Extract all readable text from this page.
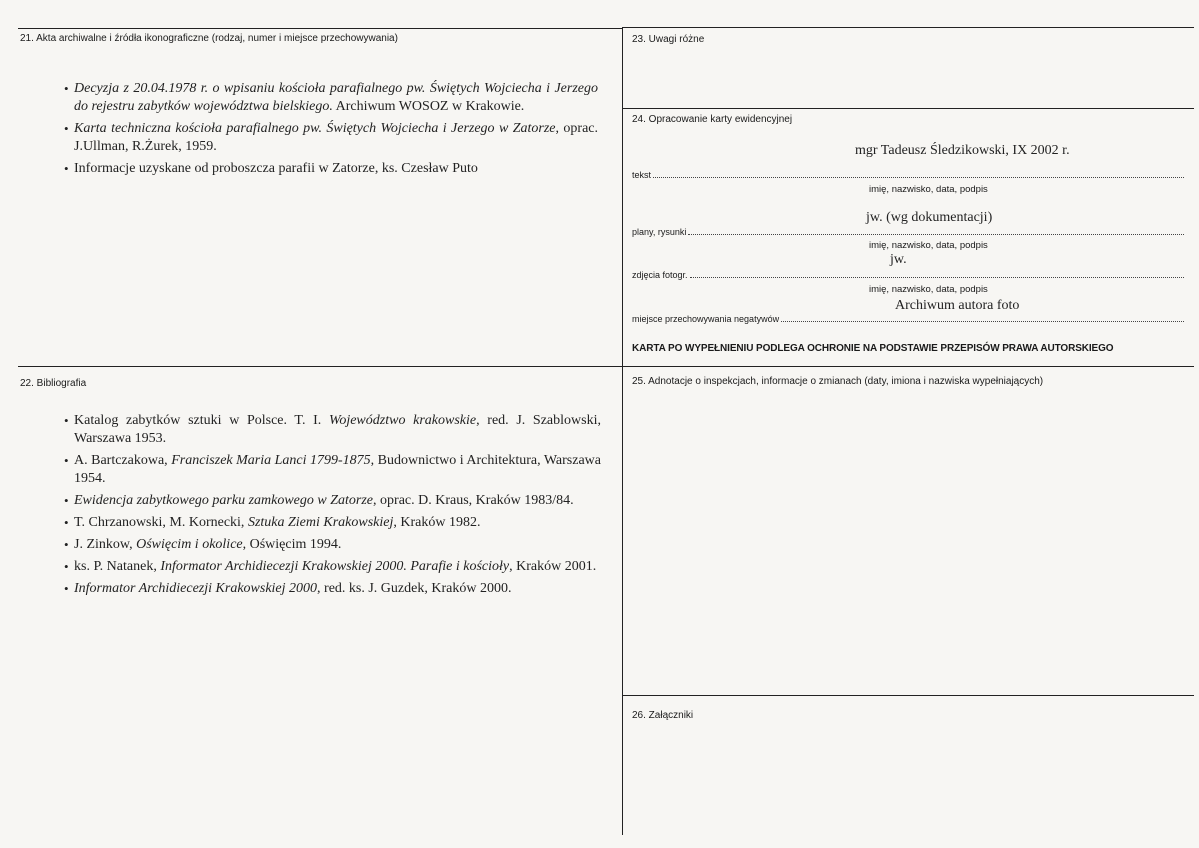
21. Akta archiwalne i źródła ikonograficzne (rodzaj, numer i miejsce przechowywania)
• Decyzja z 20.04.1978 r. o wpisaniu kościoła parafialnego pw. Świętych Wojciecha i Jerzego do rejestru zabytków województwa bielskiego. Archiwum WOSOZ w Krakowie.
• Karta techniczna kościoła parafialnego pw. Świętych Wojciecha i Jerzego w Zatorze, oprac. J.Ullman, R.Żurek, 1959.
• Informacje uzyskane od proboszcza parafii w Zatorze, ks. Czesław Puto
22. Bibliografia
• Katalog zabytków sztuki w Polsce. T. I. Województwo krakowskie, red. J. Szablowski, Warszawa 1953.
• A. Bartczakowa, Franciszek Maria Lanci 1799-1875, Budownictwo i Architektura, Warszawa 1954.
• Ewidencja zabytkowego parku zamkowego w Zatorze, oprac. D. Kraus, Kraków 1983/84.
• T. Chrzanowski, M. Kornecki, Sztuka Ziemi Krakowskiej, Kraków 1982.
• J. Zinkow, Oświęcim i okolice, Oświęcim 1994.
• ks. P. Natanek, Informator Archidiecezji Krakowskiej 2000. Parafie i kościoły, Kraków 2001.
• Informator Archidiecezji Krakowskiej 2000, red. ks. J. Guzdek, Kraków 2000.
23. Uwagi różne
24. Opracowanie karty ewidencyjnej
mgr Tadeusz Śledzikowski, IX 2002 r.
tekst
imię, nazwisko, data, podpis
jw. (wg dokumentacji)
plany, rysunki
imię, nazwisko, data, podpis
jw.
zdjęcia fotogr.
imię, nazwisko, data, podpis
Archiwum autora foto
miejsce przechowywania negatywów
KARTA PO WYPEŁNIENIU PODLEGA OCHRONIE NA PODSTAWIE PRZEPISÓW PRAWA AUTORSKIEGO
25. Adnotacje o inspekcjach, informacje o zmianach (daty, imiona i nazwiska wypełniających)
26. Załączniki
